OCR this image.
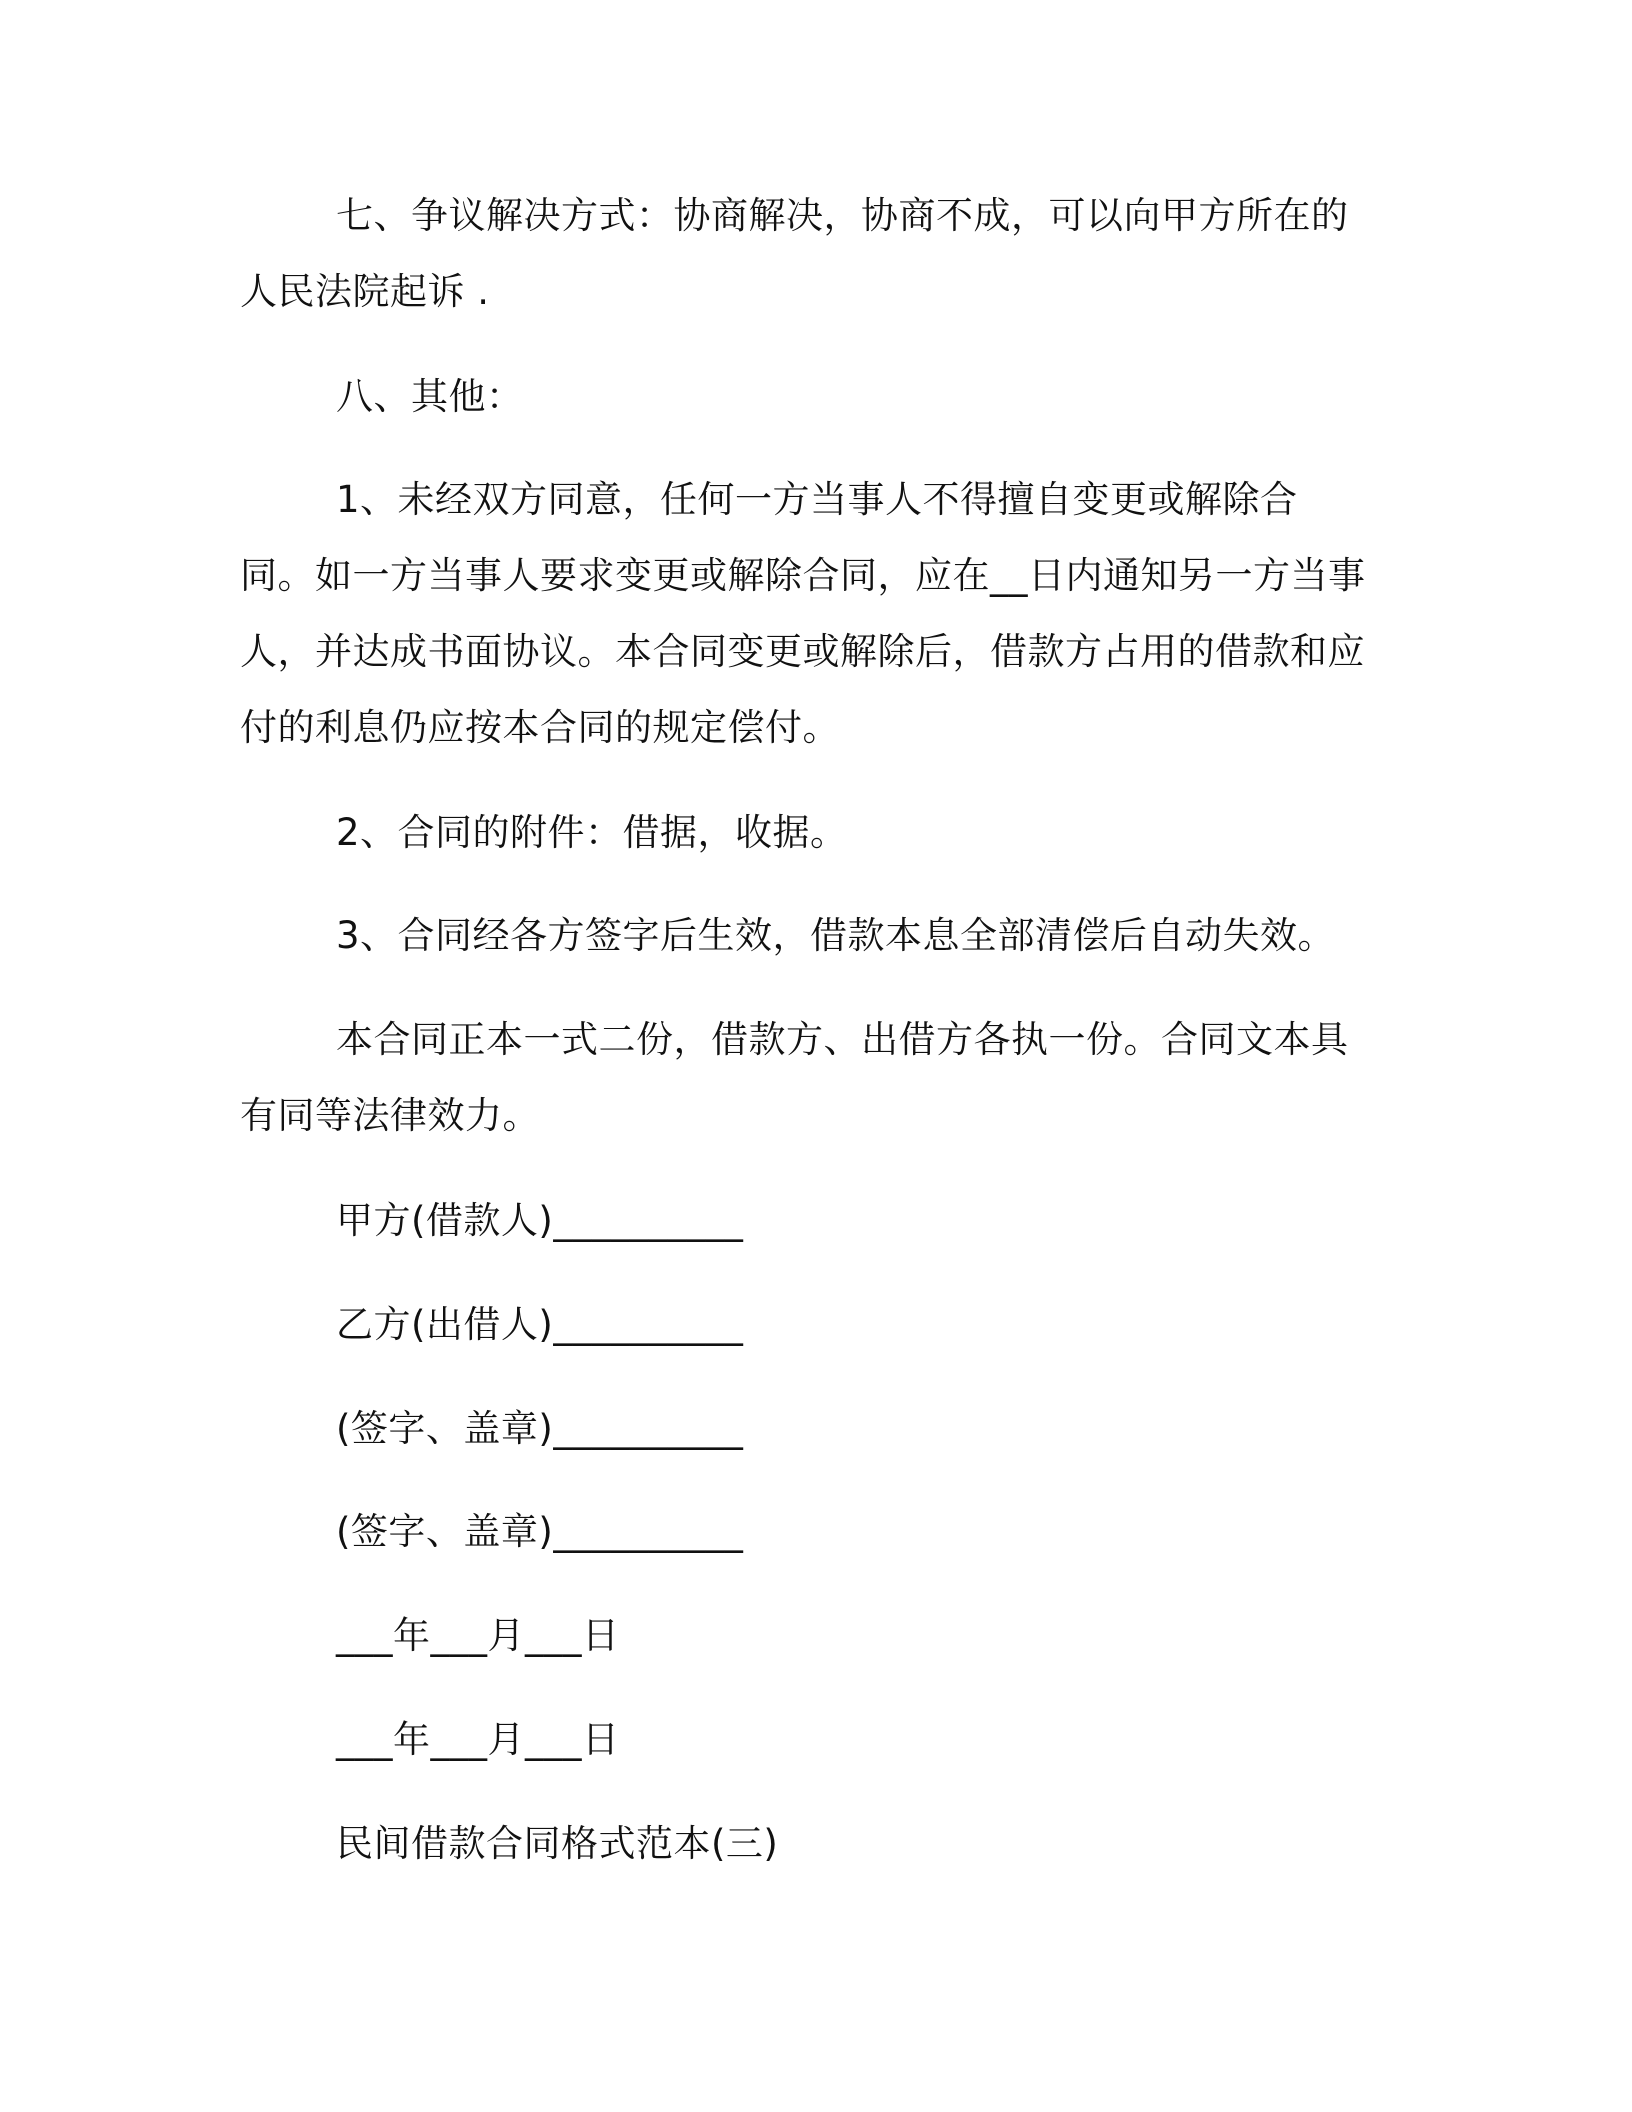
七、争议解决方式：协商解决，协商不成，可以向甲方所在的人民法院起诉 .
八、其他：
1、未经双方同意，任何一方当事人不得擅自变更或解除合同。如一方当事人要求变更或解除合同，应在__日内通知另一方当事人，并达成书面协议。本合同变更或解除后，借款方占用的借款和应付的利息仍应按本合同的规定偿付。
2、合同的附件：借据，收据。
3、合同经各方签字后生效，借款本息全部清偿后自动失效。
本合同正本一式二份，借款方、出借方各执一份。合同文本具有同等法律效力。
甲方(借款人)__________
乙方(出借人)__________
(签字、盖章)__________
(签字、盖章)__________
___年___月___日
___年___月___日
民间借款合同格式范本(三)
